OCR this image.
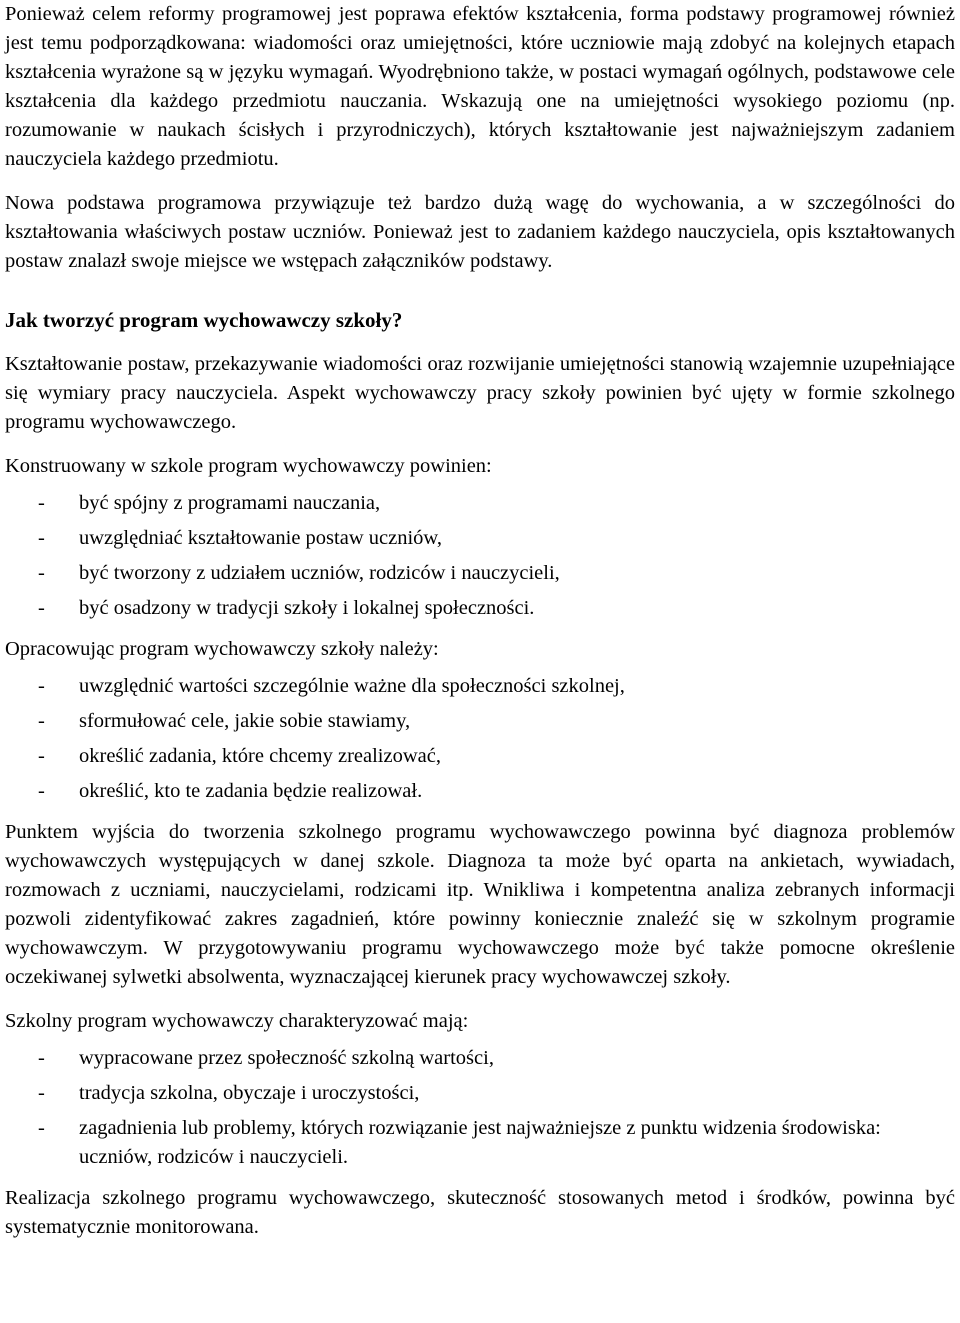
Ponieważ celem reformy programowej jest poprawa efektów kształcenia, forma podstawy programowej również jest temu podporządkowana: wiadomości oraz umiejętności, które uczniowie mają zdobyć na kolejnych etapach kształcenia wyrażone są w języku wymagań. Wyodrębniono także, w postaci wymagań ogólnych, podstawowe cele kształcenia dla każdego przedmiotu nauczania. Wskazują one na umiejętności wysokiego poziomu (np. rozumowanie w naukach ścisłych i przyrodniczych), których kształtowanie jest najważniejszym zadaniem nauczyciela każdego przedmiotu.

Nowa podstawa programowa przywiązuje też bardzo dużą wagę do wychowania, a w szczególności do kształtowania właściwych postaw uczniów. Ponieważ jest to zadaniem każdego nauczyciela, opis kształtowanych postaw znalazł swoje miejsce we wstępach załączników podstawy.

Jak tworzyć program wychowawczy szkoły?

Kształtowanie postaw, przekazywanie wiadomości oraz rozwijanie umiejętności stanowią wzajemnie uzupełniające się wymiary pracy nauczyciela. Aspekt wychowawczy pracy szkoły powinien być ujęty w formie szkolnego programu wychowawczego.

Konstruowany w szkole program wychowawczy powinien:

- być spójny z programami nauczania,
- uwzględniać kształtowanie postaw uczniów,
- być tworzony z udziałem uczniów, rodziców i nauczycieli,
- być osadzony w tradycji szkoły i lokalnej społeczności.

Opracowując program wychowawczy szkoły należy:

- uwzględnić wartości szczególnie ważne dla społeczności szkolnej,
- sformułować cele, jakie sobie stawiamy,
- określić zadania, które chcemy zrealizować,
- określić, kto te zadania będzie realizował.

Punktem wyjścia do tworzenia szkolnego programu wychowawczego powinna być diagnoza problemów wychowawczych występujących w danej szkole. Diagnoza ta może być oparta na ankietach, wywiadach, rozmowach z uczniami, nauczycielami, rodzicami itp. Wnikliwa i kompetentna analiza zebranych informacji pozwoli zidentyfikować zakres zagadnień, które powinny koniecznie znaleźć się w szkolnym programie wychowawczym. W przygotowywaniu programu wychowawczego może być także pomocne określenie oczekiwanej sylwetki absolwenta, wyznaczającej kierunek pracy wychowawczej szkoły.

Szkolny program wychowawczy charakteryzować mają:

- wypracowane przez społeczność szkolną wartości,
- tradycja szkolna, obyczaje i uroczystości,
- zagadnienia lub problemy, których rozwiązanie jest najważniejsze z punktu widzenia środowiska: uczniów, rodziców i nauczycieli.

Realizacja szkolnego programu wychowawczego, skuteczność stosowanych metod i środków, powinna być systematycznie monitorowana.
